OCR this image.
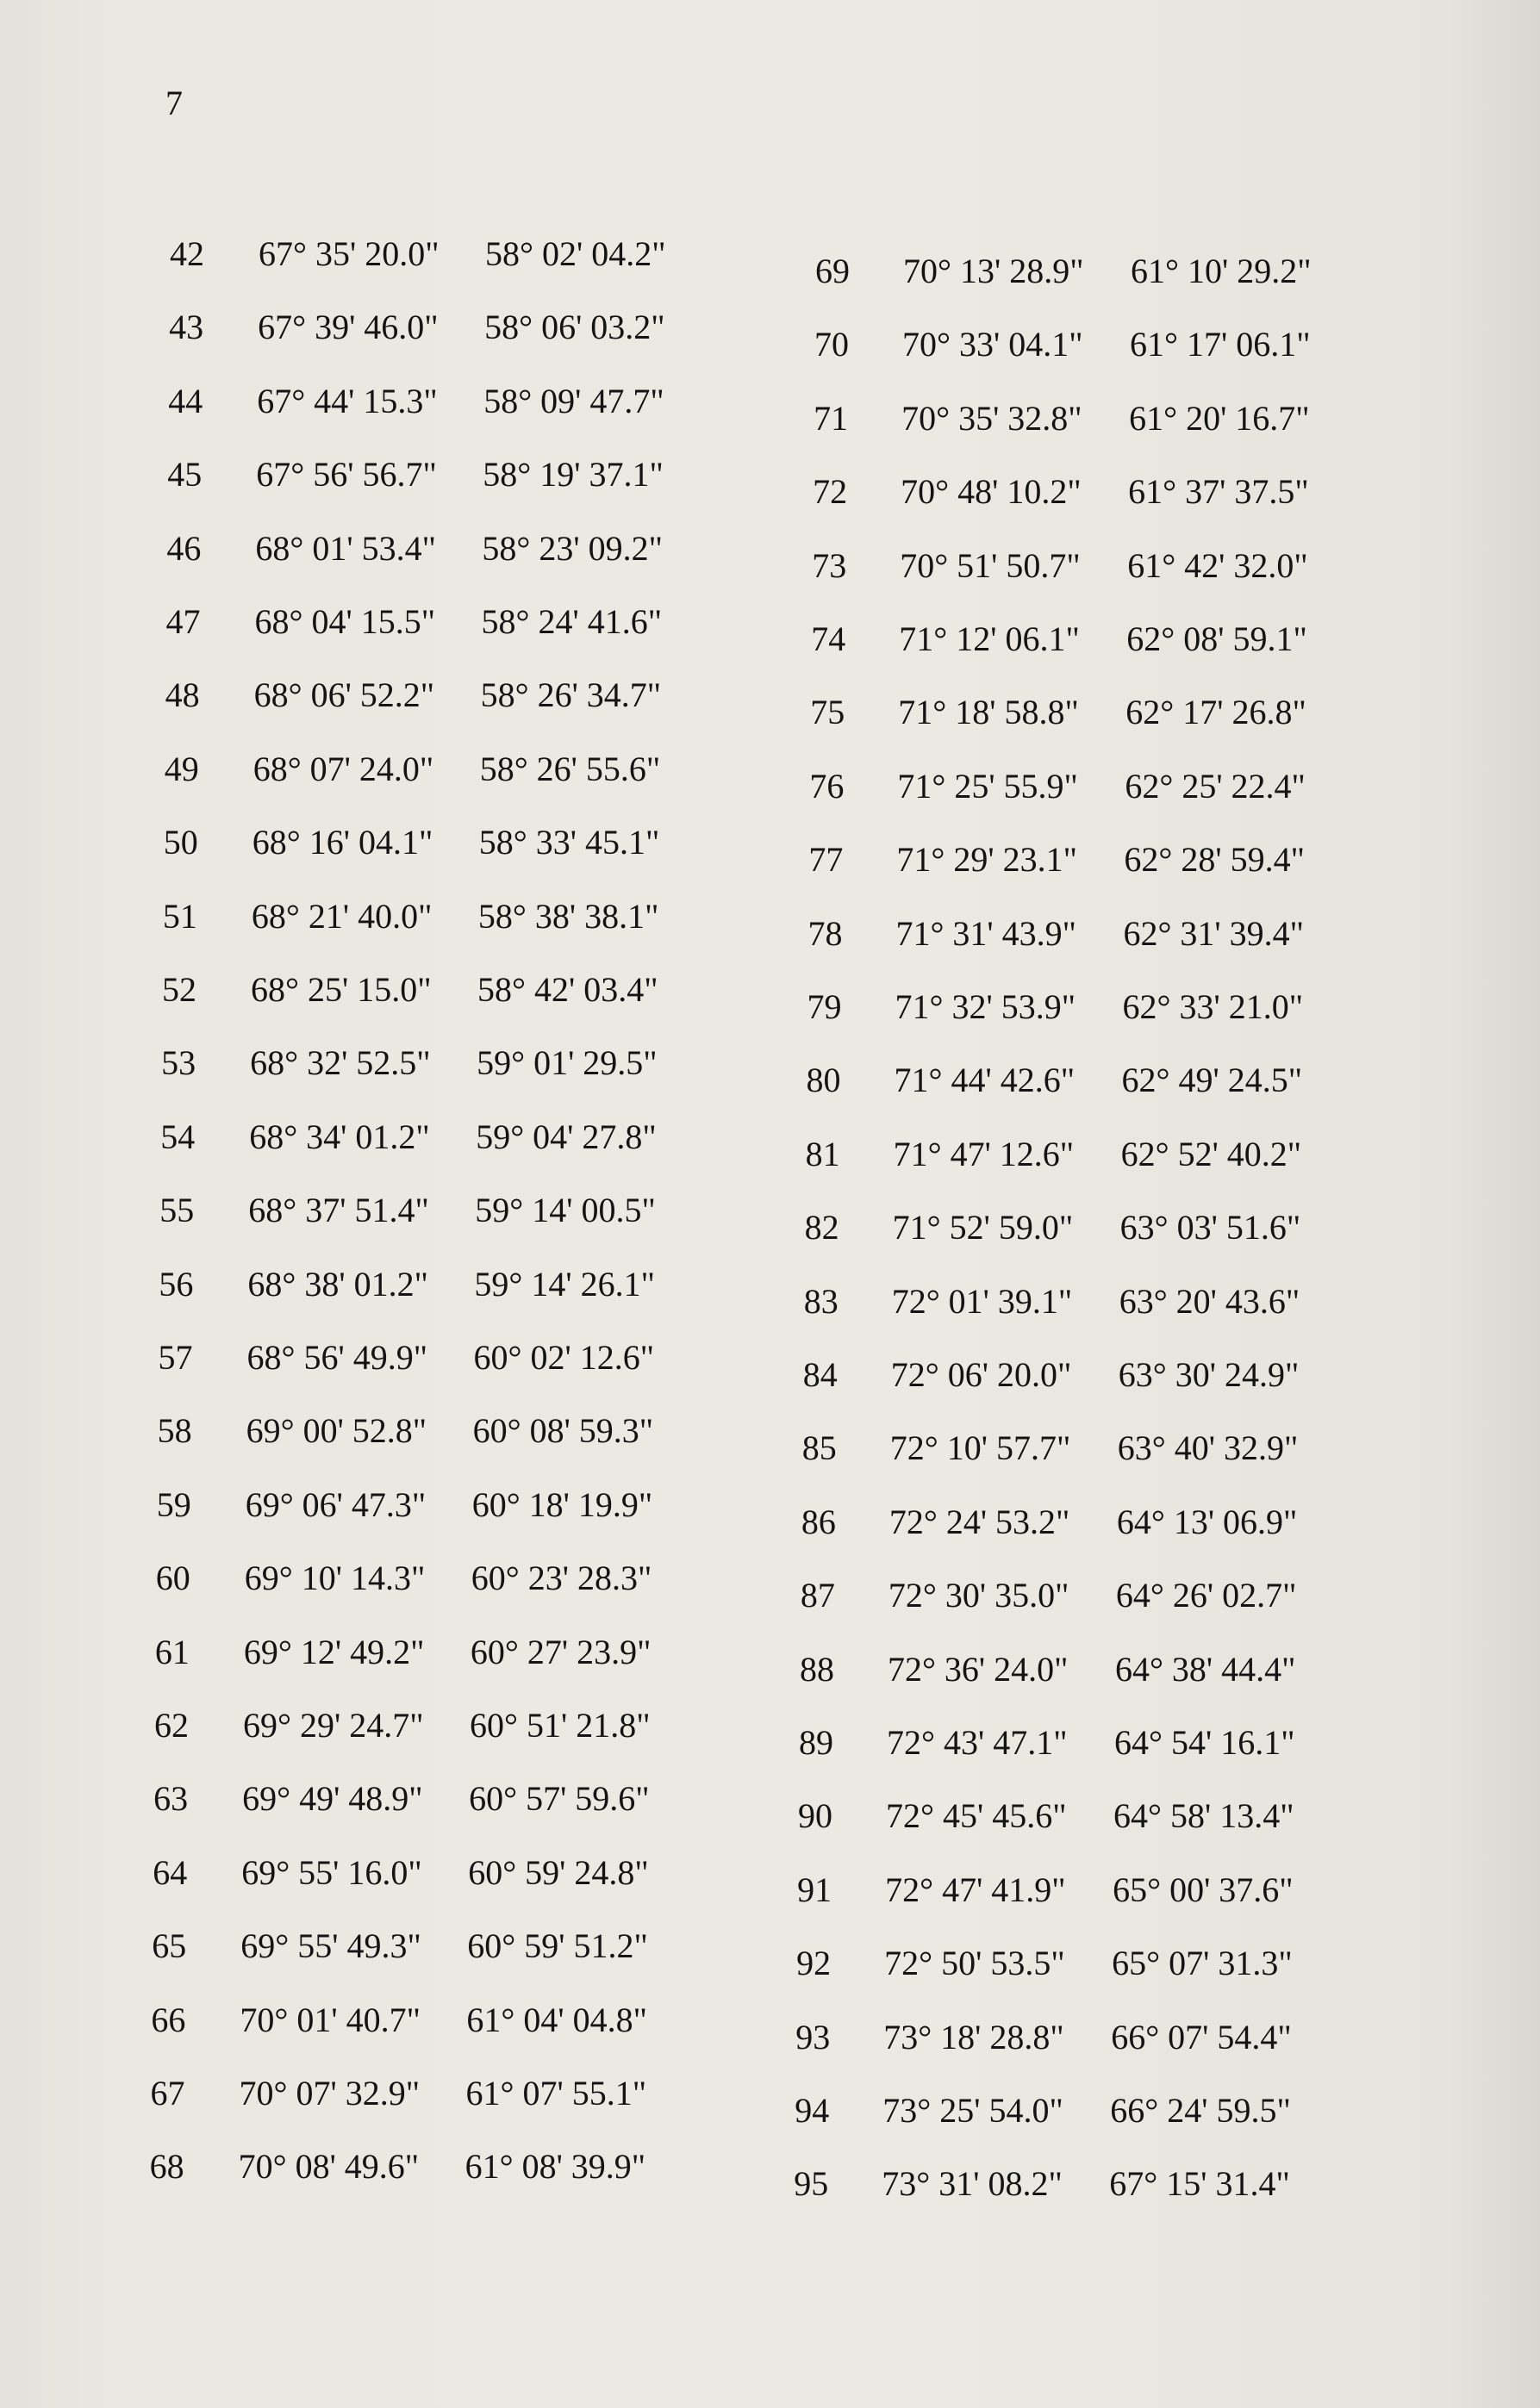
7
42 67° 35' 20.0" 58° 02' 04.2"
43 67° 39' 46.0" 58° 06' 03.2"
44 67° 44' 15.3" 58° 09' 47.7"
45 67° 56' 56.7" 58° 19' 37.1"
46 68° 01' 53.4" 58° 23' 09.2"
47 68° 04' 15.5" 58° 24' 41.6"
48 68° 06' 52.2" 58° 26' 34.7"
49 68° 07' 24.0" 58° 26' 55.6"
50 68° 16' 04.1" 58° 33' 45.1"
51 68° 21' 40.0" 58° 38' 38.1"
52 68° 25' 15.0" 58° 42' 03.4"
53 68° 32' 52.5" 59° 01' 29.5"
54 68° 34' 01.2" 59° 04' 27.8"
55 68° 37' 51.4" 59° 14' 00.5"
56 68° 38' 01.2" 59° 14' 26.1"
57 68° 56' 49.9" 60° 02' 12.6"
58 69° 00' 52.8" 60° 08' 59.3"
59 69° 06' 47.3" 60° 18' 19.9"
60 69° 10' 14.3" 60° 23' 28.3"
61 69° 12' 49.2" 60° 27' 23.9"
62 69° 29' 24.7" 60° 51' 21.8"
63 69° 49' 48.9" 60° 57' 59.6"
64 69° 55' 16.0" 60° 59' 24.8"
65 69° 55' 49.3" 60° 59' 51.2"
66 70° 01' 40.7" 61° 04' 04.8"
67 70° 07' 32.9" 61° 07' 55.1"
68 70° 08' 49.6" 61° 08' 39.9"
69 70° 13' 28.9" 61° 10' 29.2"
70 70° 33' 04.1" 61° 17' 06.1"
71 70° 35' 32.8" 61° 20' 16.7"
72 70° 48' 10.2" 61° 37' 37.5"
73 70° 51' 50.7" 61° 42' 32.0"
74 71° 12' 06.1" 62° 08' 59.1"
75 71° 18' 58.8" 62° 17' 26.8"
76 71° 25' 55.9" 62° 25' 22.4"
77 71° 29' 23.1" 62° 28' 59.4"
78 71° 31' 43.9" 62° 31' 39.4"
79 71° 32' 53.9" 62° 33' 21.0"
80 71° 44' 42.6" 62° 49' 24.5"
81 71° 47' 12.6" 62° 52' 40.2"
82 71° 52' 59.0" 63° 03' 51.6"
83 72° 01' 39.1" 63° 20' 43.6"
84 72° 06' 20.0" 63° 30' 24.9"
85 72° 10' 57.7" 63° 40' 32.9"
86 72° 24' 53.2" 64° 13' 06.9"
87 72° 30' 35.0" 64° 26' 02.7"
88 72° 36' 24.0" 64° 38' 44.4"
89 72° 43' 47.1" 64° 54' 16.1"
90 72° 45' 45.6" 64° 58' 13.4"
91 72° 47' 41.9" 65° 00' 37.6"
92 72° 50' 53.5" 65° 07' 31.3"
93 73° 18' 28.8" 66° 07' 54.4"
94 73° 25' 54.0" 66° 24' 59.5"
95 73° 31' 08.2" 67° 15' 31.4"
